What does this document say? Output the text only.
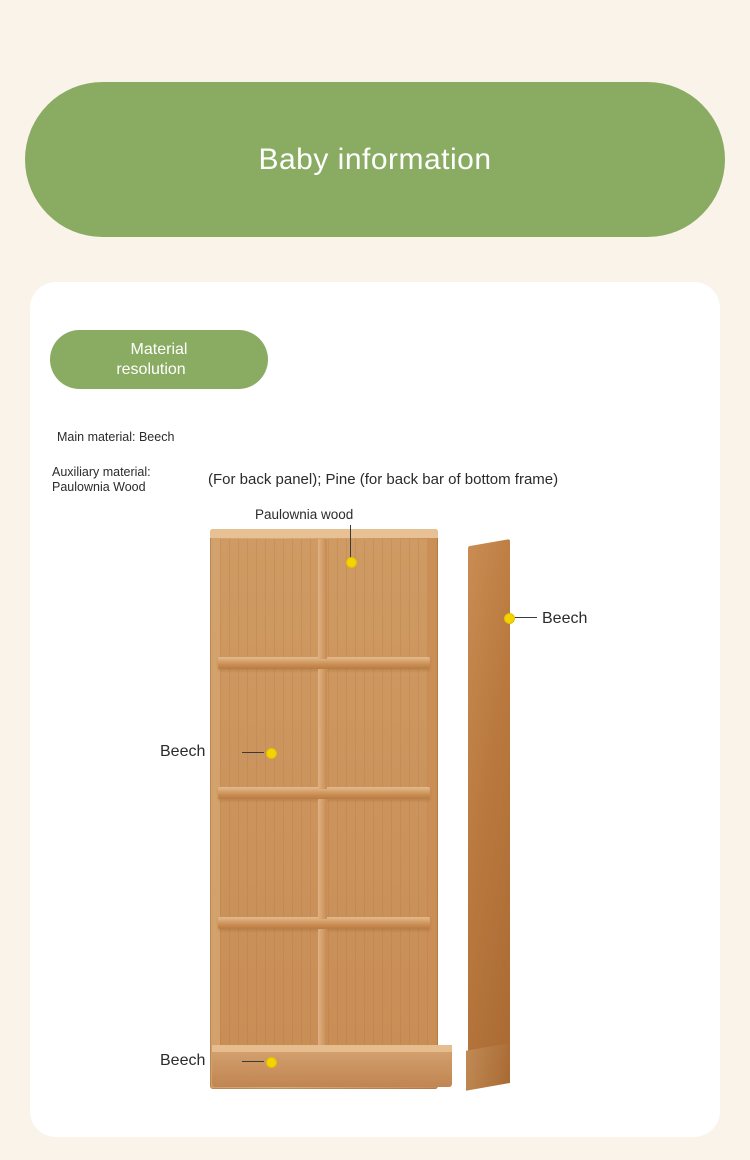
Baby information
Material
resolution
Main material: Beech
Auxiliary material: Paulownia Wood	(For back panel); Pine (for back bar of bottom frame)
Paulownia wood
Beech
Beech
Beech
